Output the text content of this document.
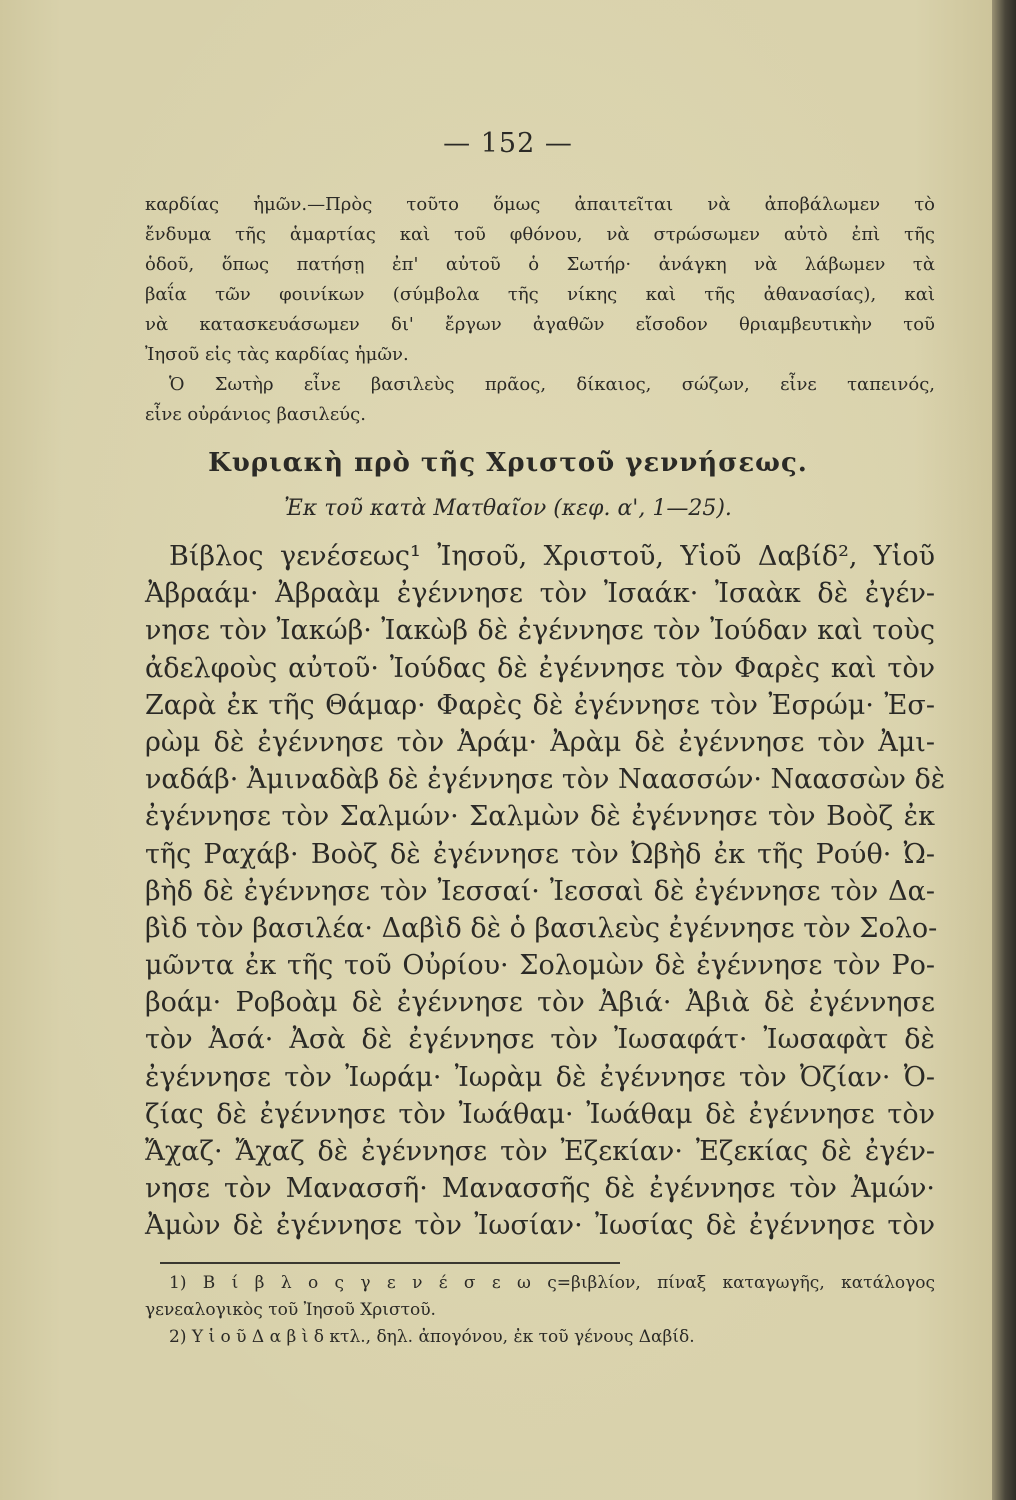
— 152 —
καρδίας ἡμῶν.—Πρὸς τοῦτο ὅμως ἀπαιτεῖται νὰ ἀποβάλωμεν τὸ
ἔνδυμα τῆς ἁμαρτίας καὶ τοῦ φθόνου, νὰ στρώσωμεν αὐτὸ ἐπὶ τῆς
ὁδοῦ, ὅπως πατήσῃ ἐπ' αὐτοῦ ὁ Σωτήρ· ἀνάγκη νὰ λάβωμεν τὰ
βαΐα τῶν φοινίκων (σύμβολα τῆς νίκης καὶ τῆς ἀθανασίας), καὶ
νὰ κατασκευάσωμεν δι' ἔργων ἀγαθῶν εἴσοδον θριαμβευτικὴν τοῦ
Ἰησοῦ εἰς τὰς καρδίας ἡμῶν.
Ὁ Σωτὴρ εἶνε βασιλεὺς πρᾶος, δίκαιος, σώζων, εἶνε ταπεινός,
εἶνε οὐράνιος βασιλεύς.
Κυριακὴ πρὸ τῆς Χριστοῦ γεννήσεως.
Ἐκ τοῦ κατὰ Ματθαῖον (κεφ. α', 1—25).
Βίβλος γενέσεως¹ Ἰησοῦ, Χριστοῦ, Υἱοῦ Δαβίδ², Υἱοῦ
Ἀβραάμ· Ἀβραὰμ ἐγέννησε τὸν Ἰσαάκ· Ἰσαὰκ δὲ ἐγέν-
νησε τὸν Ἰακώβ· Ἰακὼβ δὲ ἐγέννησε τὸν Ἰούδαν καὶ τοὺς
ἀδελφοὺς αὐτοῦ· Ἰούδας δὲ ἐγέννησε τὸν Φαρὲς καὶ τὸν
Ζαρὰ ἐκ τῆς Θάμαρ· Φαρὲς δὲ ἐγέννησε τὸν Ἐσρώμ· Ἐσ-
ρὼμ δὲ ἐγέννησε τὸν Ἀράμ· Ἀρὰμ δὲ ἐγέννησε τὸν Ἀμι-
ναδάβ· Ἀμιναδὰβ δὲ ἐγέννησε τὸν Ναασσών· Ναασσὼν δὲ
ἐγέννησε τὸν Σαλμών· Σαλμὼν δὲ ἐγέννησε τὸν Βοὸζ ἐκ
τῆς Ραχάβ· Βοὸζ δὲ ἐγέννησε τὸν Ὠβὴδ ἐκ τῆς Ρούθ· Ὠ-
βὴδ δὲ ἐγέννησε τὸν Ἰεσσαί· Ἰεσσαὶ δὲ ἐγέννησε τὸν Δα-
βὶδ τὸν βασιλέα· Δαβὶδ δὲ ὁ βασιλεὺς ἐγέννησε τὸν Σολο-
μῶντα ἐκ τῆς τοῦ Οὐρίου· Σολομὼν δὲ ἐγέννησε τὸν Ρο-
βοάμ· Ροβοὰμ δὲ ἐγέννησε τὸν Ἀβιά· Ἀβιὰ δὲ ἐγέννησε
τὸν Ἀσά· Ἀσὰ δὲ ἐγέννησε τὸν Ἰωσαφάτ· Ἰωσαφὰτ δὲ
ἐγέννησε τὸν Ἰωράμ· Ἰωρὰμ δὲ ἐγέννησε τὸν Ὀζίαν· Ὀ-
ζίας δὲ ἐγέννησε τὸν Ἰωάθαμ· Ἰωάθαμ δὲ ἐγέννησε τὸν
Ἄχαζ· Ἄχαζ δὲ ἐγέννησε τὸν Ἐζεκίαν· Ἐζεκίας δὲ ἐγέν-
νησε τὸν Μανασσῆ· Μανασσῆς δὲ ἐγέννησε τὸν Ἀμών·
Ἀμὼν δὲ ἐγέννησε τὸν Ἰωσίαν· Ἰωσίας δὲ ἐγέννησε τὸν
1) Β ί β λ ο ς γ ε ν έ σ ε ω ς=βιβλίον, πίναξ καταγωγῆς, κατάλογος
γενεαλογικὸς τοῦ Ἰησοῦ Χριστοῦ.
2) Υ ἱ ο ῦ Δ α β ὶ δ κτλ., δηλ. ἀπογόνου, ἐκ τοῦ γένους Δαβίδ.
